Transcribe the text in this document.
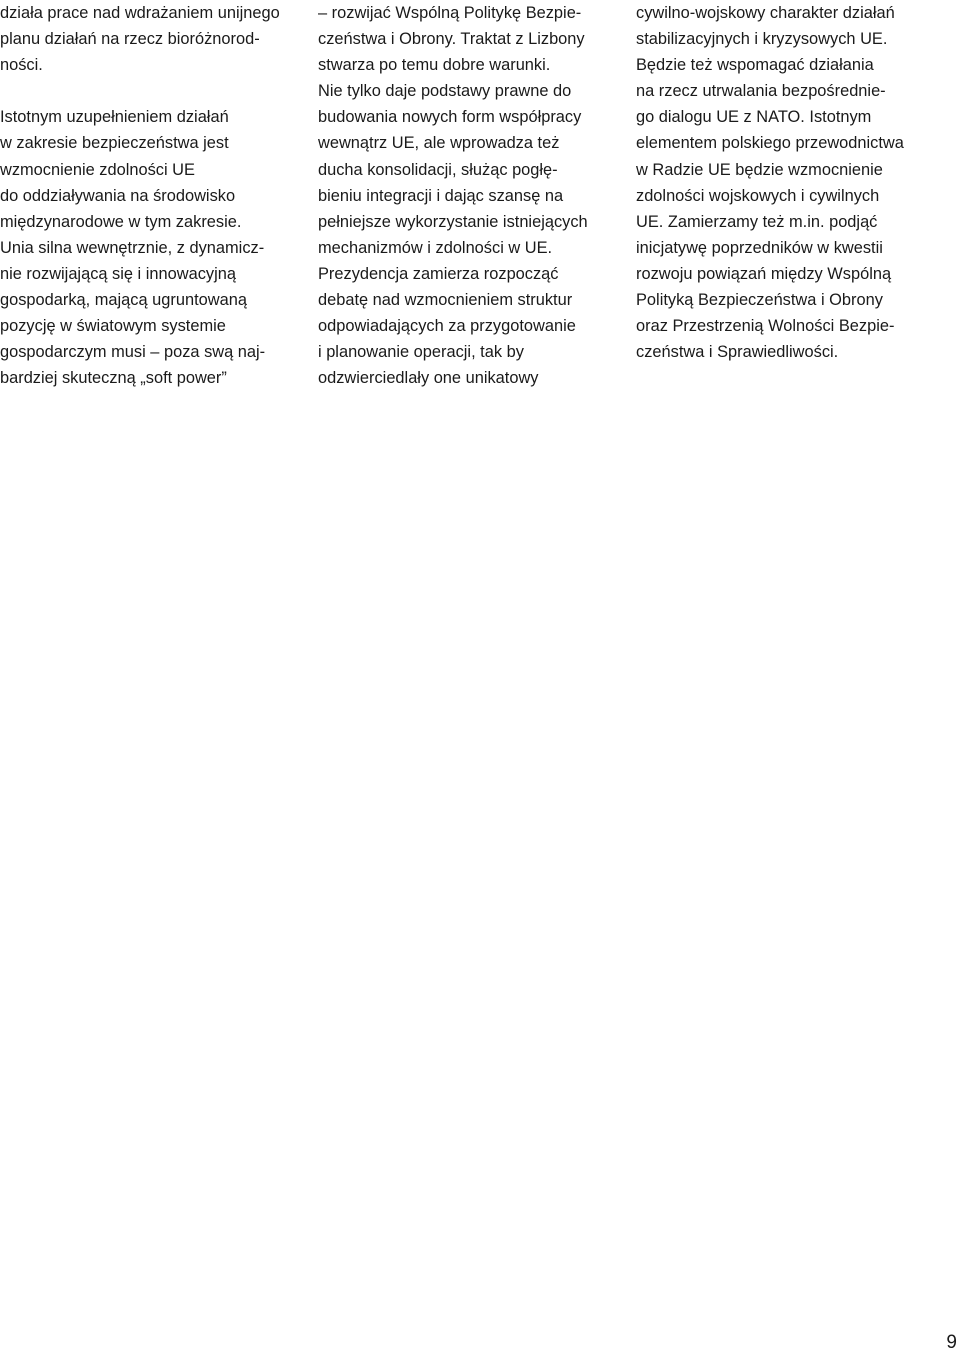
działa prace nad wdrażaniem unijnego
planu działań na rzecz bioróżnorod-
ności.
Istotnym uzupełnieniem działań
w zakresie bezpieczeństwa jest
wzmocnienie zdolności UE
do oddziaływania na środowisko
międzynarodowe w tym zakresie.
Unia silna wewnętrznie, z dynamicz-
nie rozwijającą się i innowacyjną
gospodarką, mającą ugruntowaną
pozycję w światowym systemie
gospodarczym musi – poza swą naj-
bardziej skuteczną „soft power”
– rozwijać Wspólną Politykę Bezpie-
czeństwa i Obrony. Traktat z Lizbony
stwarza po temu dobre warunki.
Nie tylko daje podstawy prawne do
budowania nowych form współpracy
wewnątrz UE, ale wprowadza też
ducha konsolidacji, służąc pogłę-
bieniu integracji i dając szansę na
pełniejsze wykorzystanie istniejących
mechanizmów i zdolności w UE.
Prezydencja zamierza rozpocząć
debatę nad wzmocnieniem struktur
odpowiadających za przygotowanie
i planowanie operacji, tak by
odzwierciedlały one unikatowy
cywilno-wojskowy charakter działań
stabilizacyjnych i kryzysowych UE.
Będzie też wspomagać działania
na rzecz utrwalania bezpośrednie-
go dialogu UE z NATO. Istotnym
elementem polskiego przewodnictwa
w Radzie UE będzie wzmocnienie
zdolności wojskowych i cywilnych
UE. Zamierzamy też m.in. podjąć
inicjatywę poprzedników w kwestii
rozwoju powiązań między Wspólną
Polityką Bezpieczeństwa i Obrony
oraz Przestrzenią Wolności Bezpie-
czeństwa i Sprawiedliwości.
9
